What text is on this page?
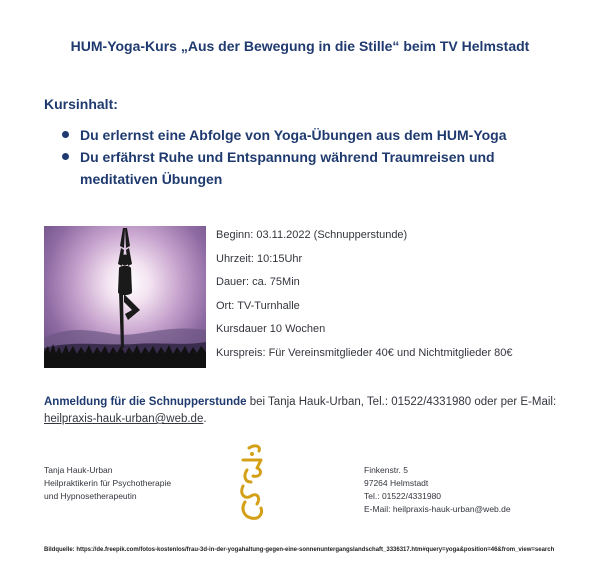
HUM-Yoga-Kurs „Aus der Bewegung in die Stille“ beim TV Helmstadt
Kursinhalt:
Du erlernst eine Abfolge von Yoga-Übungen aus dem HUM-Yoga
Du erfährst Ruhe und Entspannung während Traumreisen und meditativen Übungen
Beginn: 03.11.2022 (Schnupperstunde)
Uhrzeit: 10:15Uhr
Dauer: ca. 75Min
Ort: TV-Turnhalle
Kursdauer 10 Wochen
Kurspreis: Für Vereinsmitglieder 40€ und Nichtmitglieder 80€
Anmeldung für die Schnupperstunde bei Tanja Hauk-Urban, Tel.: 01522/4331980 oder per E-Mail: heilpraxis-hauk-urban@web.de.
Tanja Hauk-Urban
Heilpraktikerin für Psychotherapie
und Hypnosetherapeutin
Finkenstr. 5
97264 Helmstadt
Tel.: 01522/4331980
E-Mail: heilpraxis-hauk-urban@web.de
Bildquelle: https://de.freepik.com/fotos-kostenlos/frau-3d-in-der-yogahaltung-gegen-eine-sonnenuntergangslandschaft_3336317.htm#query=yoga&position=46&from_view=search
